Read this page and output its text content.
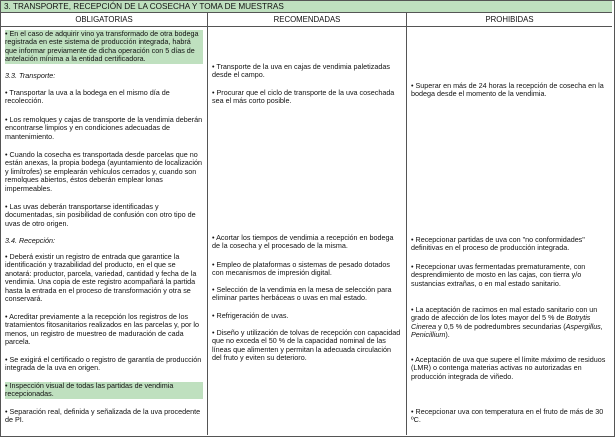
3. TRANSPORTE, RECEPCIÓN DE LA COSECHA Y TOMA DE MUESTRAS
OBLIGATORIAS	RECOMENDADAS	PROHIBIDAS

• En el caso de adquirir vino ya transformado de otra bodega registrada en este sistema de producción integrada, habrá que informar previamente de dicha operación con 5 días de antelación mínima a la entidad certificadora.

3.3. Transporte:

• Transportar la uva a la bodega en el mismo día de recolección.

• Los remolques y cajas de transporte de la vendimia deberán encontrarse limpios y en condiciones adecuadas de mantenimiento.

• Cuando la cosecha es transportada desde parcelas que no están anexas, la propia bodega (ayuntamiento de localización y limítrofes) se emplearán vehículos cerrados y, cuando son remolques abiertos, éstos deberán emplear lonas impermeables.

• Las uvas deberán transportarse identificadas y documentadas, sin posibilidad de confusión con otro tipo de uvas de otro origen.

3.4. Recepción:

• Deberá existir un registro de entrada que garantice la identificación y trazabilidad del producto, en el que se anotará: productor, parcela, variedad, cantidad y fecha de la vendimia. Una copia de este registro acompañará la partida hasta la entrada en el proceso de transformación y otra se conservará.

• Acreditar previamente a la recepción los registros de los tratamientos fitosanitarios realizados en las parcelas y, por lo menos, un registro de muestreo de maduración de cada parcela.

• Se exigirá el certificado o registro de garantía de producción integrada de la uva en origen.

• Inspección visual de todas las partidas de vendimia recepcionadas.

• Separación real, definida y señalizada de la uva procedente de PI.

• Transporte de la uva en cajas de vendimia paletizadas desde el campo.

• Procurar que el ciclo de transporte de la uva cosechada sea el más corto posible.

• Acortar los tiempos de vendimia a recepción en bodega de la cosecha y el procesado de la misma.

• Empleo de plataformas o sistemas de pesado dotados con mecanismos de impresión digital.

• Selección de la vendimia en la mesa de selección para eliminar partes herbáceas o uvas en mal estado.

• Refrigeración de uvas.

• Diseño y utilización de tolvas de recepción con capacidad que no exceda el 50 % de la capacidad nominal de las líneas que alimenten y permitan la adecuada circulación del fruto y eviten su deterioro.

• Superar en más de 24 horas la recepción de cosecha en la bodega desde el momento de la vendimia.

• Recepcionar partidas de uva con "no conformidades" definitivas en el proceso de producción integrada.

• Recepcionar uvas fermentadas prematuramente, con desprendimiento de mosto en las cajas, con tierra y/o sustancias extrañas, o en mal estado sanitario.

• La aceptación de racimos en mal estado sanitario con un grado de afección de los lotes mayor del 5 % de Botrytis Cinerea y 0,5 % de podredumbres secundarias (Aspergillus, Penicillium).

• Aceptación de uva que supere el límite máximo de residuos (LMR) o contenga materias activas no autorizadas en producción integrada de viñedo.

• Recepcionar uva con temperatura en el fruto de más de 30 ºC.
